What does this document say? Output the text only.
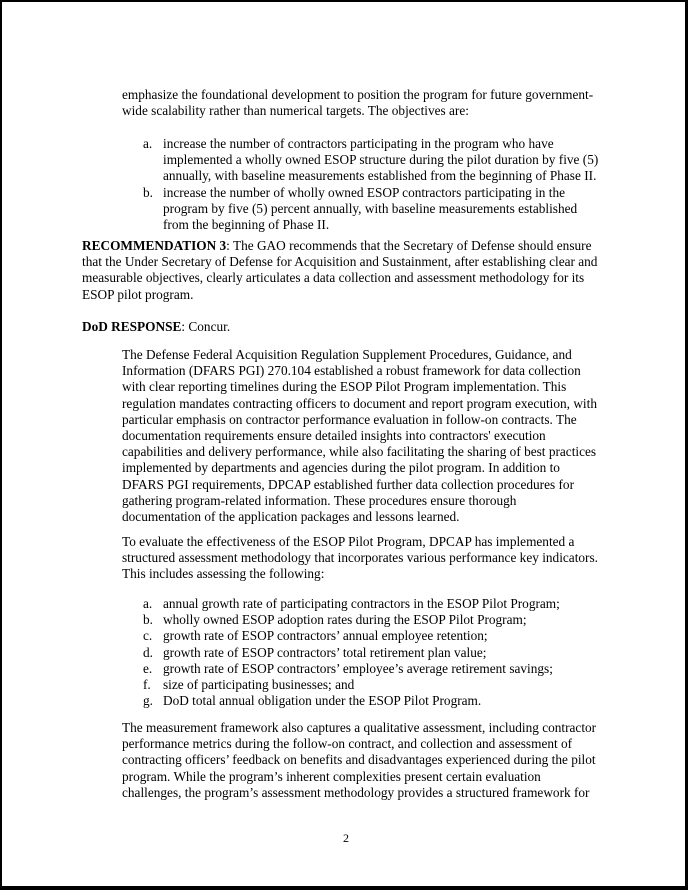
emphasize the foundational development to position the program for future government-
wide scalability rather than numerical targets. The objectives are:
a. increase the number of contractors participating in the program who have
implemented a wholly owned ESOP structure during the pilot duration by five (5)
annually, with baseline measurements established from the beginning of Phase II.
b. increase the number of wholly owned ESOP contractors participating in the
program by five (5) percent annually, with baseline measurements established
from the beginning of Phase II.
RECOMMENDATION 3: The GAO recommends that the Secretary of Defense should ensure
that the Under Secretary of Defense for Acquisition and Sustainment, after establishing clear and
measurable objectives, clearly articulates a data collection and assessment methodology for its
ESOP pilot program.
DoD RESPONSE: Concur.
The Defense Federal Acquisition Regulation Supplement Procedures, Guidance, and
Information (DFARS PGI) 270.104 established a robust framework for data collection
with clear reporting timelines during the ESOP Pilot Program implementation. This
regulation mandates contracting officers to document and report program execution, with
particular emphasis on contractor performance evaluation in follow-on contracts. The
documentation requirements ensure detailed insights into contractors' execution
capabilities and delivery performance, while also facilitating the sharing of best practices
implemented by departments and agencies during the pilot program. In addition to
DFARS PGI requirements, DPCAP established further data collection procedures for
gathering program-related information. These procedures ensure thorough
documentation of the application packages and lessons learned.
To evaluate the effectiveness of the ESOP Pilot Program, DPCAP has implemented a
structured assessment methodology that incorporates various performance key indicators.
This includes assessing the following:
a. annual growth rate of participating contractors in the ESOP Pilot Program;
b. wholly owned ESOP adoption rates during the ESOP Pilot Program;
c. growth rate of ESOP contractors’ annual employee retention;
d. growth rate of ESOP contractors’ total retirement plan value;
e. growth rate of ESOP contractors’ employee’s average retirement savings;
f. size of participating businesses; and
g. DoD total annual obligation under the ESOP Pilot Program.
The measurement framework also captures a qualitative assessment, including contractor
performance metrics during the follow-on contract, and collection and assessment of
contracting officers’ feedback on benefits and disadvantages experienced during the pilot
program. While the program’s inherent complexities present certain evaluation
challenges, the program’s assessment methodology provides a structured framework for
2
